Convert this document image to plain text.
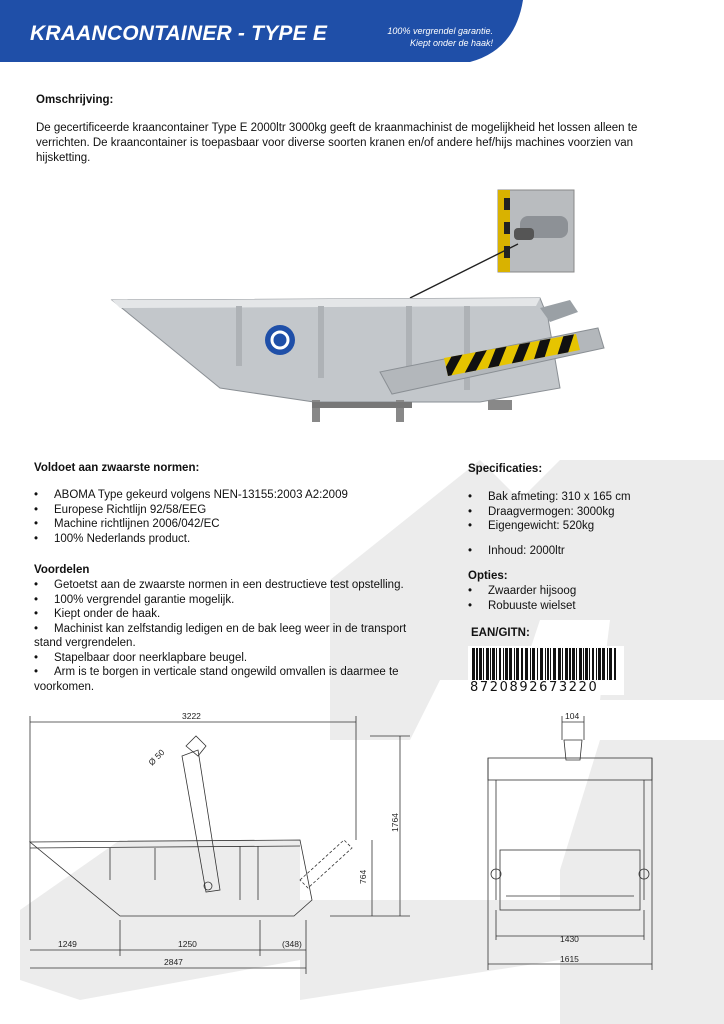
KRAANCONTAINER - TYPE E	100% vergrendel garantie.
Kiept onder de haak!
Omschrijving:
De gecertificeerde kraancontainer Type E 2000ltr 3000kg geeft de kraanmachinist de mogelijkheid het lossen alleen te verrichten. De kraancontainer is toepasbaar voor diverse soorten kranen en/of andere hef/hijs machines voorzien van hijsketting.
Voldoet aan zwaarste normen:
• ABOMA Type gekeurd volgens NEN-13155:2003 A2:2009
• Europese Richtlijn 92/58/EEG
• Machine richtlijnen 2006/042/EC
• 100% Nederlands product.
Voordelen
• Getoetst aan de zwaarste normen in een destructieve test opstelling.
• 100% vergrendel garantie mogelijk.
• Kiept onder de haak.
• Machinist kan zelfstandig ledigen en de bak leeg weer in de transport stand vergrendelen.
• Stapelbaar door neerklapbare beugel.
• Arm is te borgen in verticale stand ongewild omvallen is daarmee te voorkomen.
Specificaties:
• Bak afmeting: 310 x 165 cm
• Draagvermogen: 3000kg
• Eigengewicht: 520kg
• Inhoud: 2000ltr
Opties:
• Zwaarder hijsoog
• Robuuste wielset
EAN/GITN:
8720892673220
3222
Ø 50
1764
764
1249	1250	(348)
2847
104
1430
1615
